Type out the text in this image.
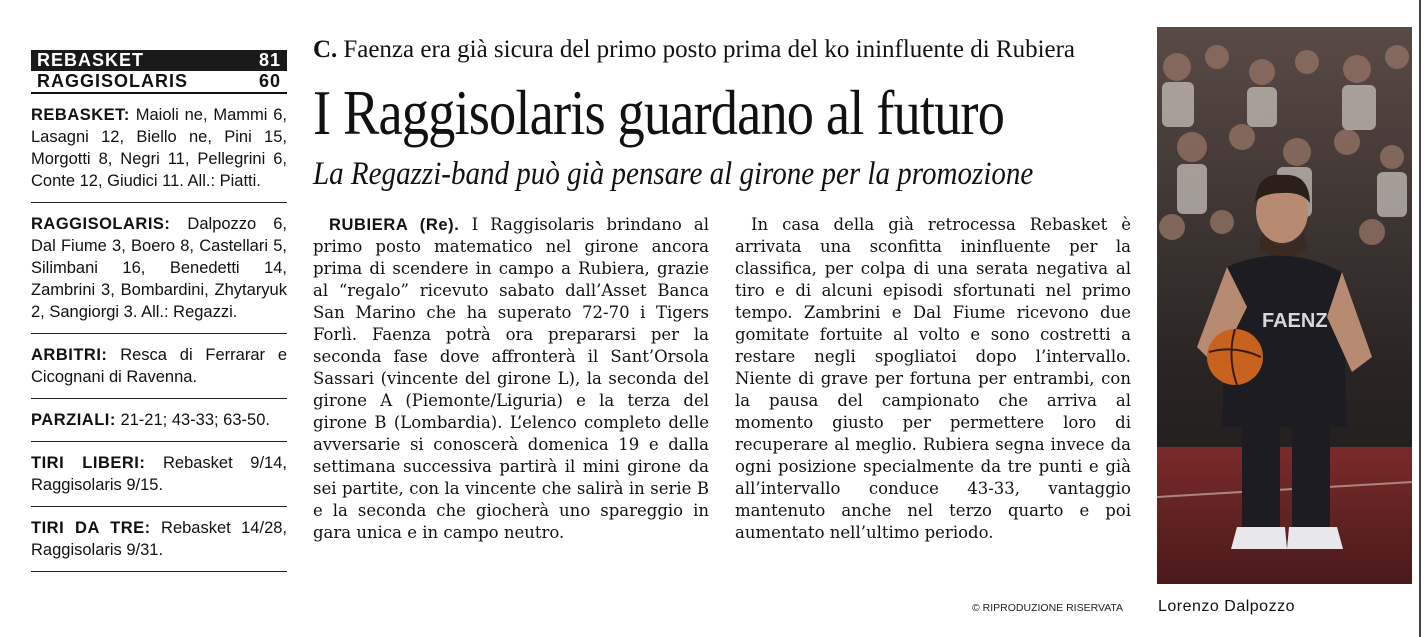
REBASKET	81
RAGGISOLARIS	60
REBASKET: Maioli ne, Mammi 6, Lasagni 12, Biello ne, Pini 15, Morgotti 8, Negri 11, Pellegrini 6, Conte 12, Giudici 11. All.: Piatti.
RAGGISOLARIS: Dalpozzo 6, Dal Fiume 3, Boero 8, Castellari 5, Silimbani 16, Benedetti 14, Zambrini 3, Bombardini, Zhytaryuk 2, Sangiorgi 3. All.: Regazzi.
ARBITRI: Resca di Ferrarar e Cicognani di Ravenna.
PARZIALI: 21-21; 43-33; 63-50.
TIRI LIBERI: Rebasket 9/14, Raggisolaris 9/15.
TIRI DA TRE: Rebasket 14/28, Raggisolaris 9/31.
C. Faenza era già sicura del primo posto prima del ko ininfluente di Rubiera
I Raggisolaris guardano al futuro
La Regazzi-band può già pensare al girone per la promozione

RUBIERA (Re). I Raggisolaris brindano al primo posto matematico nel girone ancora prima di scendere in campo a Rubiera, grazie al “regalo” ricevuto sabato dall’Asset Banca San Marino che ha superato 72-70 i Tigers Forlì. Faenza potrà ora prepararsi per la seconda fase dove affronterà il Sant’Orsola Sassari (vincente del girone L), la seconda del girone A (Piemonte/Liguria) e la terza del girone B (Lombardia). L’elenco completo delle avversarie si conoscerà domenica 19 e dalla settimana successiva partirà il mini girone da sei partite, con la vincente che salirà in serie B e la seconda che giocherà uno spareggio in gara unica e in campo neutro.

In casa della già retrocessa Rebasket è arrivata una sconfitta ininfluente per la classifica, per colpa di una serata negativa al tiro e di alcuni episodi sfortunati nel primo tempo. Zambrini e Dal Fiume ricevono due gomitate fortuite al volto e sono costretti a restare negli spogliatoi dopo l’intervallo. Niente di grave per fortuna per entrambi, con la pausa del campionato che arriva al momento giusto per permettere loro di recuperare al meglio. Rubiera segna invece da ogni posizione specialmente da tre punti e già all’intervallo conduce 43-33, vantaggio mantenuto anche nel terzo quarto e poi aumentato nell’ultimo periodo.

© RIPRODUZIONE RISERVATA
FAENZ
Lorenzo Dalpozzo
